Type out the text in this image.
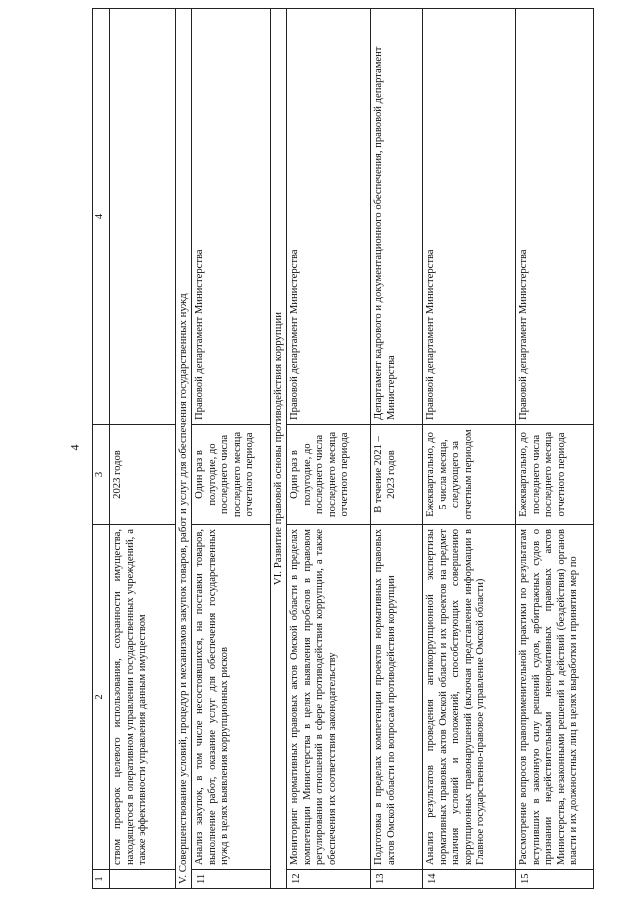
4
1	2	3	4
	ством проверок целевого использования, сохранности имущества, находящегося в оперативном управлении государственных учреждений, а также эффективности управления данным имуществом	2023 годов	
V. Совершенствование условий, процедур и механизмов закупок товаров, работ и услуг для обеспечения государственных нужд			
11	Анализ закупок, в том числе несостоявшихся, на поставки товаров, выполнение работ, оказание услуг для обеспечения государственных нужд в целях выявления коррупционных рисков	Один раз в полугодие, до последнего числа последнего месяца отчетного периода	Правовой департамент Министерства
VI. Развитие правовой основы противодействия коррупции			
12	Мониторинг нормативных правовых актов Омской области в пределах компетенции Министерства в целях выявления пробелов в правовом регулировании отношений в сфере противодействия коррупции, а также обеспечения их соответствия законодательству	Один раз в полугодие, до последнего числа последнего месяца отчетного периода	Правовой департамент Министерства
13	Подготовка в пределах компетенции проектов нормативных правовых актов Омской области по вопросам противодействия коррупции	В течение 2021 – 2023 годов	Департамент кадрового и документационного обеспечения, правовой департамент Министерства
14	Анализ результатов проведения антикоррупционной экспертизы нормативных правовых актов Омской области и их проектов на предмет наличия условий и положений, способствующих совершению коррупционных правонарушений (включая представление информации в Главное государственно-правовое управление Омской области)	Ежеквартально, до 5 числа месяца, следующего за отчетным периодом	Правовой департамент Министерства
15	Рассмотрение вопросов правоприменительной практики по результатам вступивших в законную силу решений судов, арбитражных судов о признании недействительными ненормативных правовых актов Министерства, незаконными решений и действий (бездействия) органов власти и их должностных лиц в целях выработки и принятия мер по	Ежеквартально, до последнего числа последнего месяца отчетного периода	Правовой департамент Министерства
